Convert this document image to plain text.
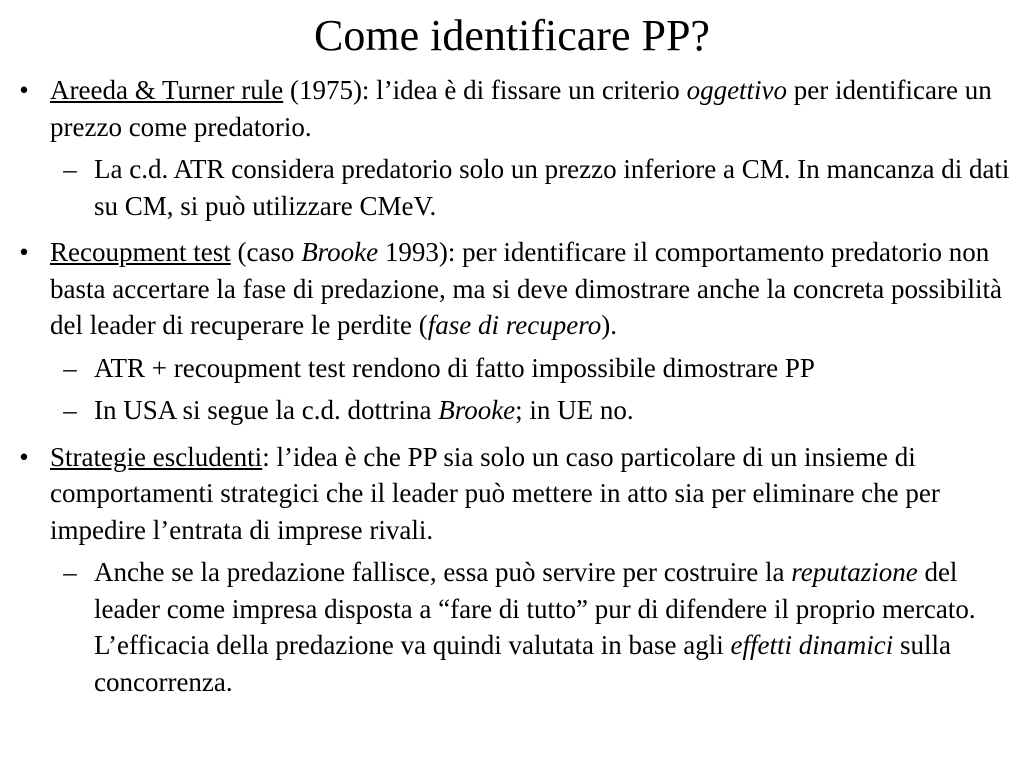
Come identificare PP?

• Areeda & Turner rule (1975): l’idea è di fissare un criterio oggettivo per identificare un prezzo come predatorio.

– La c.d. ATR considera predatorio solo un prezzo inferiore a CM. In mancanza di dati su CM, si può utilizzare CMeV.

• Recoupment test (caso Brooke 1993): per identificare il comportamento predatorio non basta accertare la fase di predazione, ma si deve dimostrare anche la concreta possibilità del leader di recuperare le perdite (fase di recupero).

– ATR + recoupment test rendono di fatto impossibile dimostrare PP

– In USA si segue la c.d. dottrina Brooke; in UE no.

• Strategie escludenti: l’idea è che PP sia solo un caso particolare di un insieme di comportamenti strategici che il leader può mettere in atto sia per eliminare che per impedire l’entrata di imprese rivali.

– Anche se la predazione fallisce, essa può servire per costruire la reputazione del leader come impresa disposta a “fare di tutto” pur di difendere il proprio mercato. L’efficacia della predazione va quindi valutata in base agli effetti dinamici sulla concorrenza.
